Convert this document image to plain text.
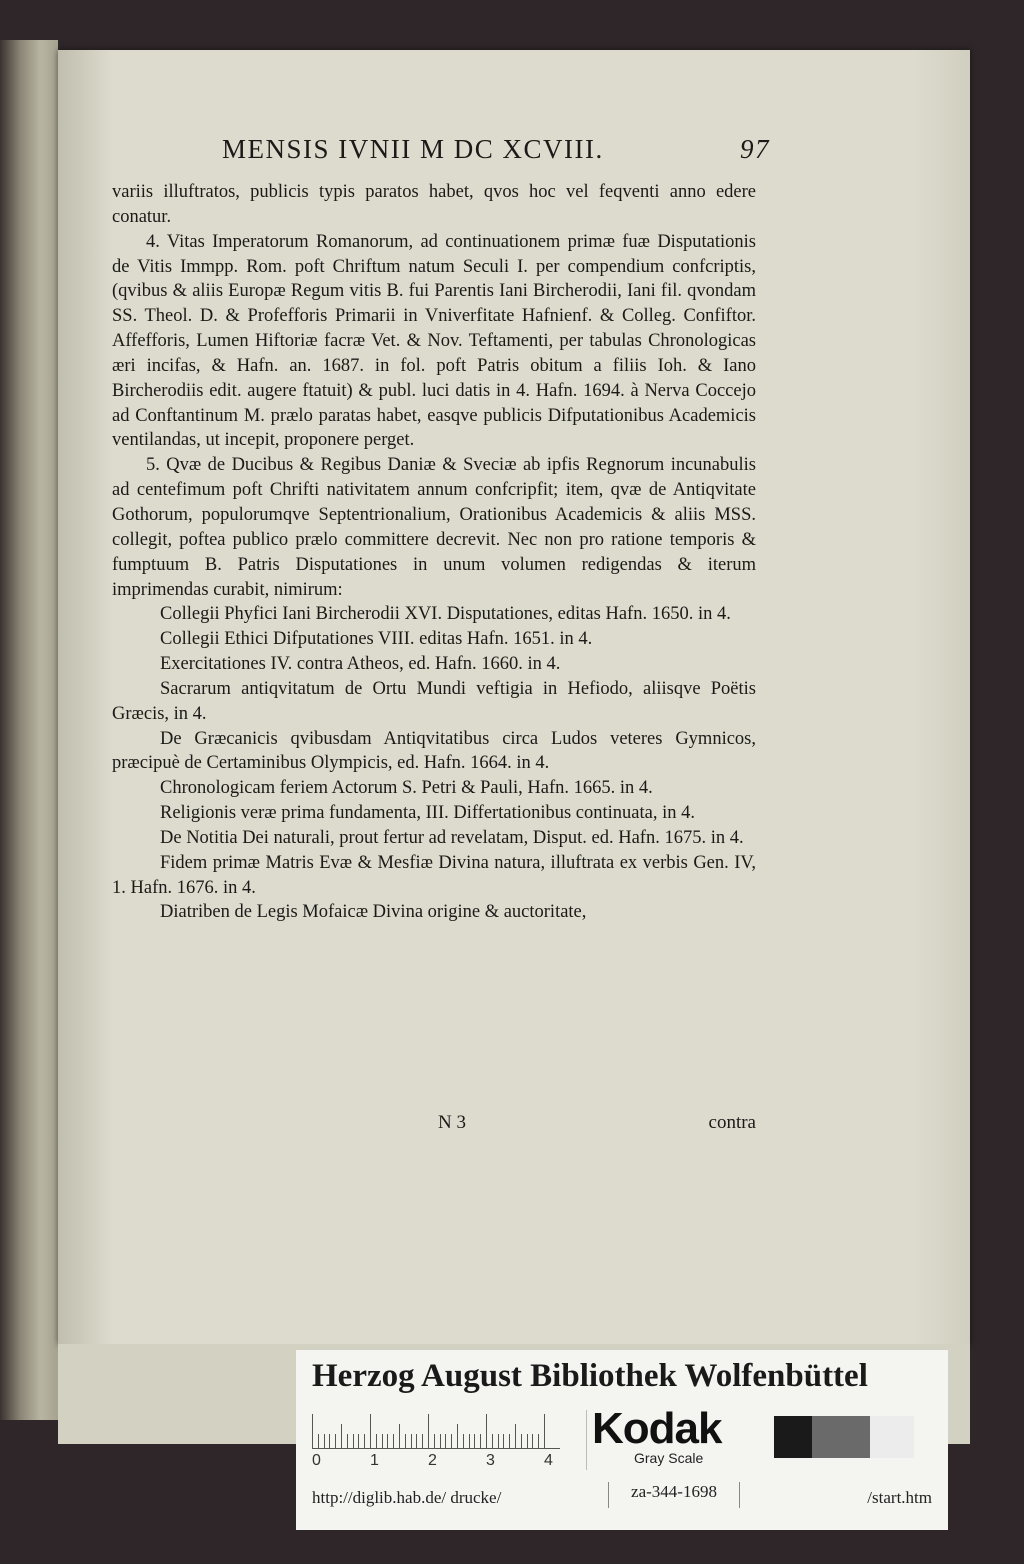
MENSIS IVNII M DC XCVIII.	97

variis illuftratos, publicis typis paratos habet, qvos hoc vel feqventi anno edere conatur.

4. Vitas Imperatorum Romanorum, ad continuationem primæ fuæ Disputationis de Vitis Immpp. Rom. poft Chriftum natum Seculi I. per compendium confcriptis, (qvibus & aliis Europæ Regum vitis B. fui Parentis Iani Bircherodii, Iani fil. qvondam SS. Theol. D. & Profefforis Primarii in Vniverfitate Hafnienf. & Colleg. Confiftor. Affefforis, Lumen Hiftoriæ facræ Vet. & Nov. Teftamenti, per tabulas Chronologicas æri incifas, & Hafn. an. 1687. in fol. poft Patris obitum a filiis Ioh. & Iano Bircherodiis edit. augere ftatuit) & publ. luci datis in 4. Hafn. 1694. à Nerva Coccejo ad Conftantinum M. prælo paratas habet, easqve publicis Difputationibus Academicis ventilandas, ut incepit, proponere perget.

5. Qvæ de Ducibus & Regibus Daniæ & Sveciæ ab ipfis Regnorum incunabulis ad centefimum poft Chrifti nativitatem annum confcripfit; item, qvæ de Antiqvitate Gothorum, populorumqve Septentrionalium, Orationibus Academicis & aliis MSS. collegit, poftea publico prælo committere decrevit. Nec non pro ratione temporis & fumptuum B. Patris Disputationes in unum volumen redigendas & iterum imprimendas curabit, nimirum:

Collegii Phyfici Iani Bircherodii XVI. Disputationes, editas Hafn. 1650. in 4.

Collegii Ethici Difputationes VIII. editas Hafn. 1651. in 4.

Exercitationes IV. contra Atheos, ed. Hafn. 1660. in 4.

Sacrarum antiqvitatum de Ortu Mundi veftigia in Hefiodo, aliisqve Poëtis Græcis, in 4.

De Græcanicis qvibusdam Antiqvitatibus circa Ludos veteres Gymnicos, præcipuè de Certaminibus Olympicis, ed. Hafn. 1664. in 4.

Chronologicam feriem Actorum S. Petri & Pauli, Hafn. 1665. in 4.

Religionis veræ prima fundamenta, III. Differtationibus continuata, in 4.

De Notitia Dei naturali, prout fertur ad revelatam, Disput. ed. Hafn. 1675. in 4.

Fidem primæ Matris Evæ & Mesfiæ Divina natura, illuftrata ex verbis Gen. IV, 1. Hafn. 1676. in 4.

Diatriben de Legis Mofaicæ Divina origine & auctoritate,

N 3	contra
Herzog August Bibliothek Wolfenbüttel
0	1	2	3	4
Kodak
Gray Scale
http://diglib.hab.de/ drucke/	za-344-1698	/start.htm
